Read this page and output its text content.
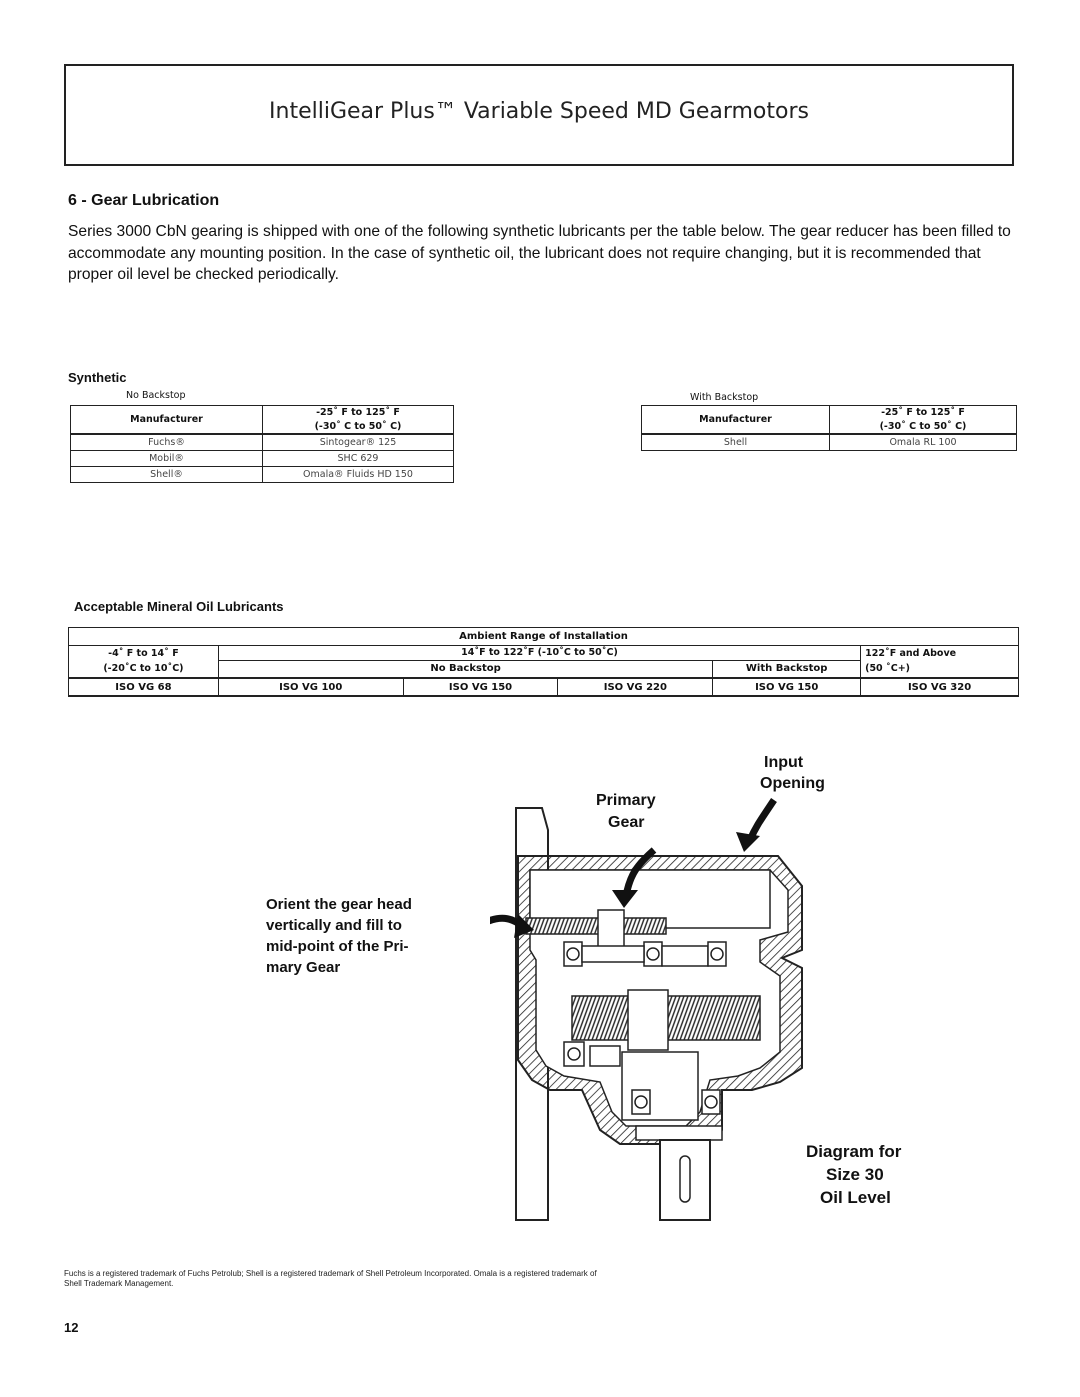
IntelliGear Plus™ Variable Speed MD Gearmotors
6 - Gear Lubrication
Series 3000 CbN gearing is shipped with one of the following synthetic lubricants per the table below. The gear reducer has been filled to accommodate any mounting position. In the case of synthetic oil, the lubricant does not require changing, but it is recommended that proper oil level be checked periodically.
Synthetic
No Backstop
Manufacturer	-25˚ F to 125˚ F
	(-30˚ C to 50˚ C)
Fuchs®	Sintogear® 125
Mobil®	SHC 629
Shell®	Omala® Fluids HD 150
With Backstop
Manufacturer	-25˚ F to 125˚ F
	(-30˚ C to 50˚ C)
Shell	Omala RL 100
Acceptable Mineral Oil Lubricants
Ambient Range of Installation					
-4˚ F to 14˚ F	14˚F to 122˚F (-10˚C to 50˚C)				122˚F and Above
(-20˚C to 10˚C)	No Backstop			With Backstop	(50 ˚C+)
ISO VG 68	ISO VG 100	ISO VG 150	ISO VG 220	ISO VG 150	ISO VG 320
Input
Opening
Primary
Gear
Orient the gear head
vertically and fill to
mid-point of the Pri-
mary Gear
Diagram for
Size 30
Oil Level
Fuchs is a registered trademark of Fuchs Petrolub; Shell is a registered trademark of Shell Petroleum Incorporated. Omala is a registered trademark of Shell Trademark Management.
12
